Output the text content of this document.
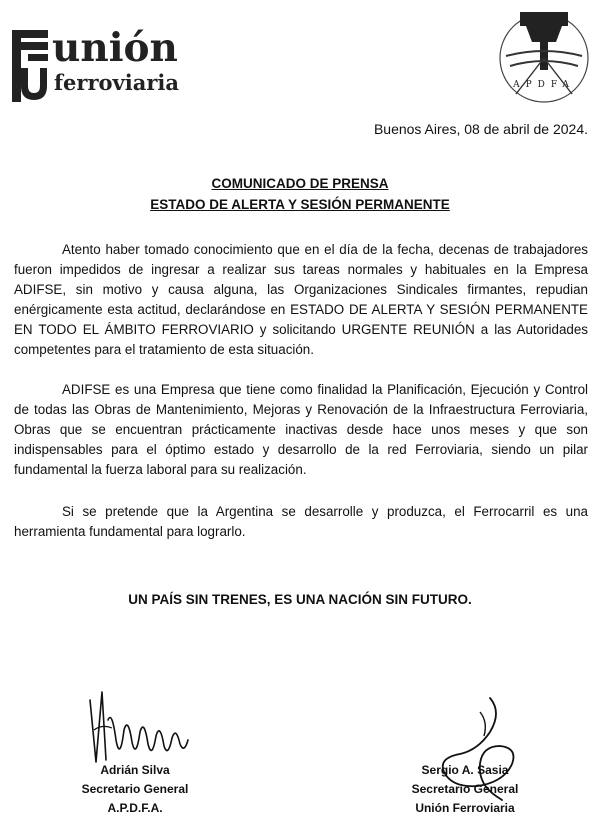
unión
ferroviaria	APDFA
Buenos Aires, 08 de abril de 2024.
COMUNICADO DE PRENSA
ESTADO DE ALERTA Y SESIÓN PERMANENTE
Atento haber tomado conocimiento que en el día de la fecha, decenas de trabajadores fueron impedidos de ingresar a realizar sus tareas normales y habituales en la Empresa ADIFSE, sin motivo y causa alguna, las Organizaciones Sindicales firmantes, repudian enérgicamente esta actitud, declarándose en ESTADO DE ALERTA Y SESIÓN PERMANENTE EN TODO EL ÁMBITO FERROVIARIO y solicitando URGENTE REUNIÓN a las Autoridades competentes para el tratamiento de esta situación.
ADIFSE es una Empresa que tiene como finalidad la Planificación, Ejecución y Control de todas las Obras de Mantenimiento, Mejoras y Renovación de la Infraestructura Ferroviaria, Obras que se encuentran prácticamente inactivas desde hace unos meses y que son indispensables para el óptimo estado y desarrollo de la red Ferroviaria, siendo un pilar fundamental la fuerza laboral para su realización.
Si se pretende que la Argentina se desarrolle y produzca, el Ferrocarril es una herramienta fundamental para lograrlo.
UN PAÍS SIN TRENES, ES UNA NACIÓN SIN FUTURO.
Adrián Silva
Secretario General
A.P.D.F.A.
Sergio A. Sasia
Secretario General
Unión Ferroviaria
